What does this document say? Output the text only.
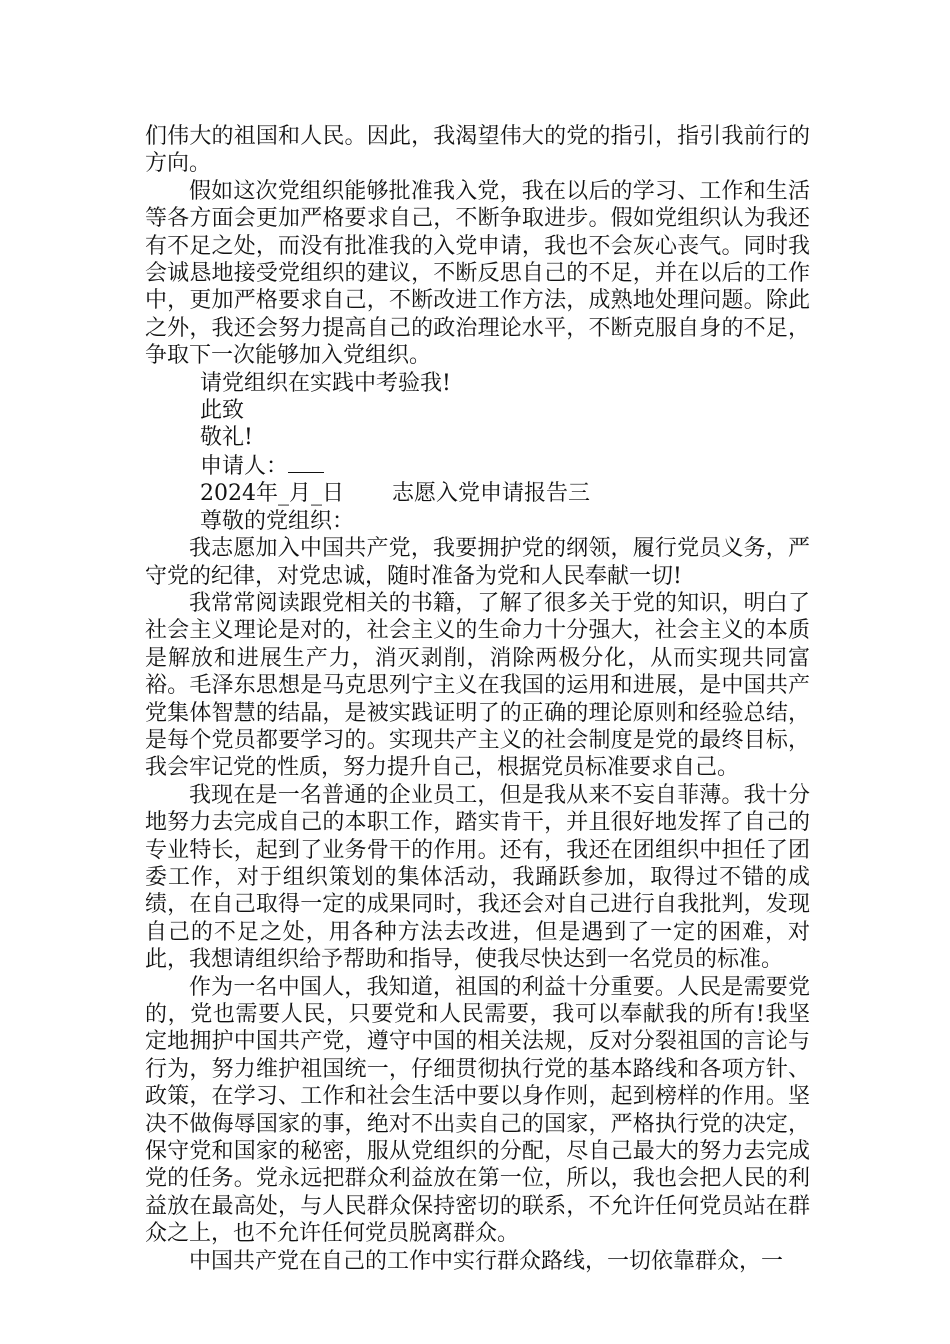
们伟大的祖国和人民。因此，我渴望伟大的党的指引，指引我前行的方向。

假如这次党组织能够批准我入党，我在以后的学习、工作和生活等各方面会更加严格要求自己，不断争取进步。假如党组织认为我还有不足之处，而没有批准我的入党申请，我也不会灰心丧气。同时我会诚恳地接受党组织的建议，不断反思自己的不足，并在以后的工作中，更加严格要求自己，不断改进工作方法，成熟地处理问题。除此之外，我还会努力提高自己的政治理论水平，不断克服自身的不足，争取下一次能够加入党组织。

请党组织在实践中考验我!

此致

敬礼!

申请人：

2024年_月_日 志愿入党申请报告三

尊敬的党组织：

我志愿加入中国共产党，我要拥护党的纲领，履行党员义务，严守党的纪律，对党忠诚，随时准备为党和人民奉献一切!

我常常阅读跟党相关的书籍，了解了很多关于党的知识，明白了社会主义理论是对的，社会主义的生命力十分强大，社会主义的本质是解放和进展生产力，消灭剥削，消除两极分化，从而实现共同富裕。毛泽东思想是马克思列宁主义在我国的运用和进展，是中国共产党集体智慧的结晶，是被实践证明了的正确的理论原则和经验总结，是每个党员都要学习的。实现共产主义的社会制度是党的最终目标，我会牢记党的性质，努力提升自己，根据党员标准要求自己。

我现在是一名普通的企业员工，但是我从来不妄自菲薄。我十分地努力去完成自己的本职工作，踏实肯干，并且很好地发挥了自己的专业特长，起到了业务骨干的作用。还有，我还在团组织中担任了团委工作，对于组织策划的集体活动，我踊跃参加，取得过不错的成绩，在自己取得一定的成果同时，我还会对自己进行自我批判，发现自己的不足之处，用各种方法去改进，但是遇到了一定的困难，对此，我想请组织给予帮助和指导，使我尽快达到一名党员的标准。

作为一名中国人，我知道，祖国的利益十分重要。人民是需要党的，党也需要人民，只要党和人民需要，我可以奉献我的所有!我坚定地拥护中国共产党，遵守中国的相关法规，反对分裂祖国的言论与行为，努力维护祖国统一，仔细贯彻执行党的基本路线和各项方针、政策，在学习、工作和社会生活中要以身作则，起到榜样的作用。坚决不做侮辱国家的事，绝对不出卖自己的国家，严格执行党的决定，保守党和国家的秘密，服从党组织的分配，尽自己最大的努力去完成党的任务。党永远把群众利益放在第一位，所以，我也会把人民的利益放在最高处，与人民群众保持密切的联系，不允许任何党员站在群众之上，也不允许任何党员脱离群众。

中国共产党在自己的工作中实行群众路线，一切依靠群众，一
